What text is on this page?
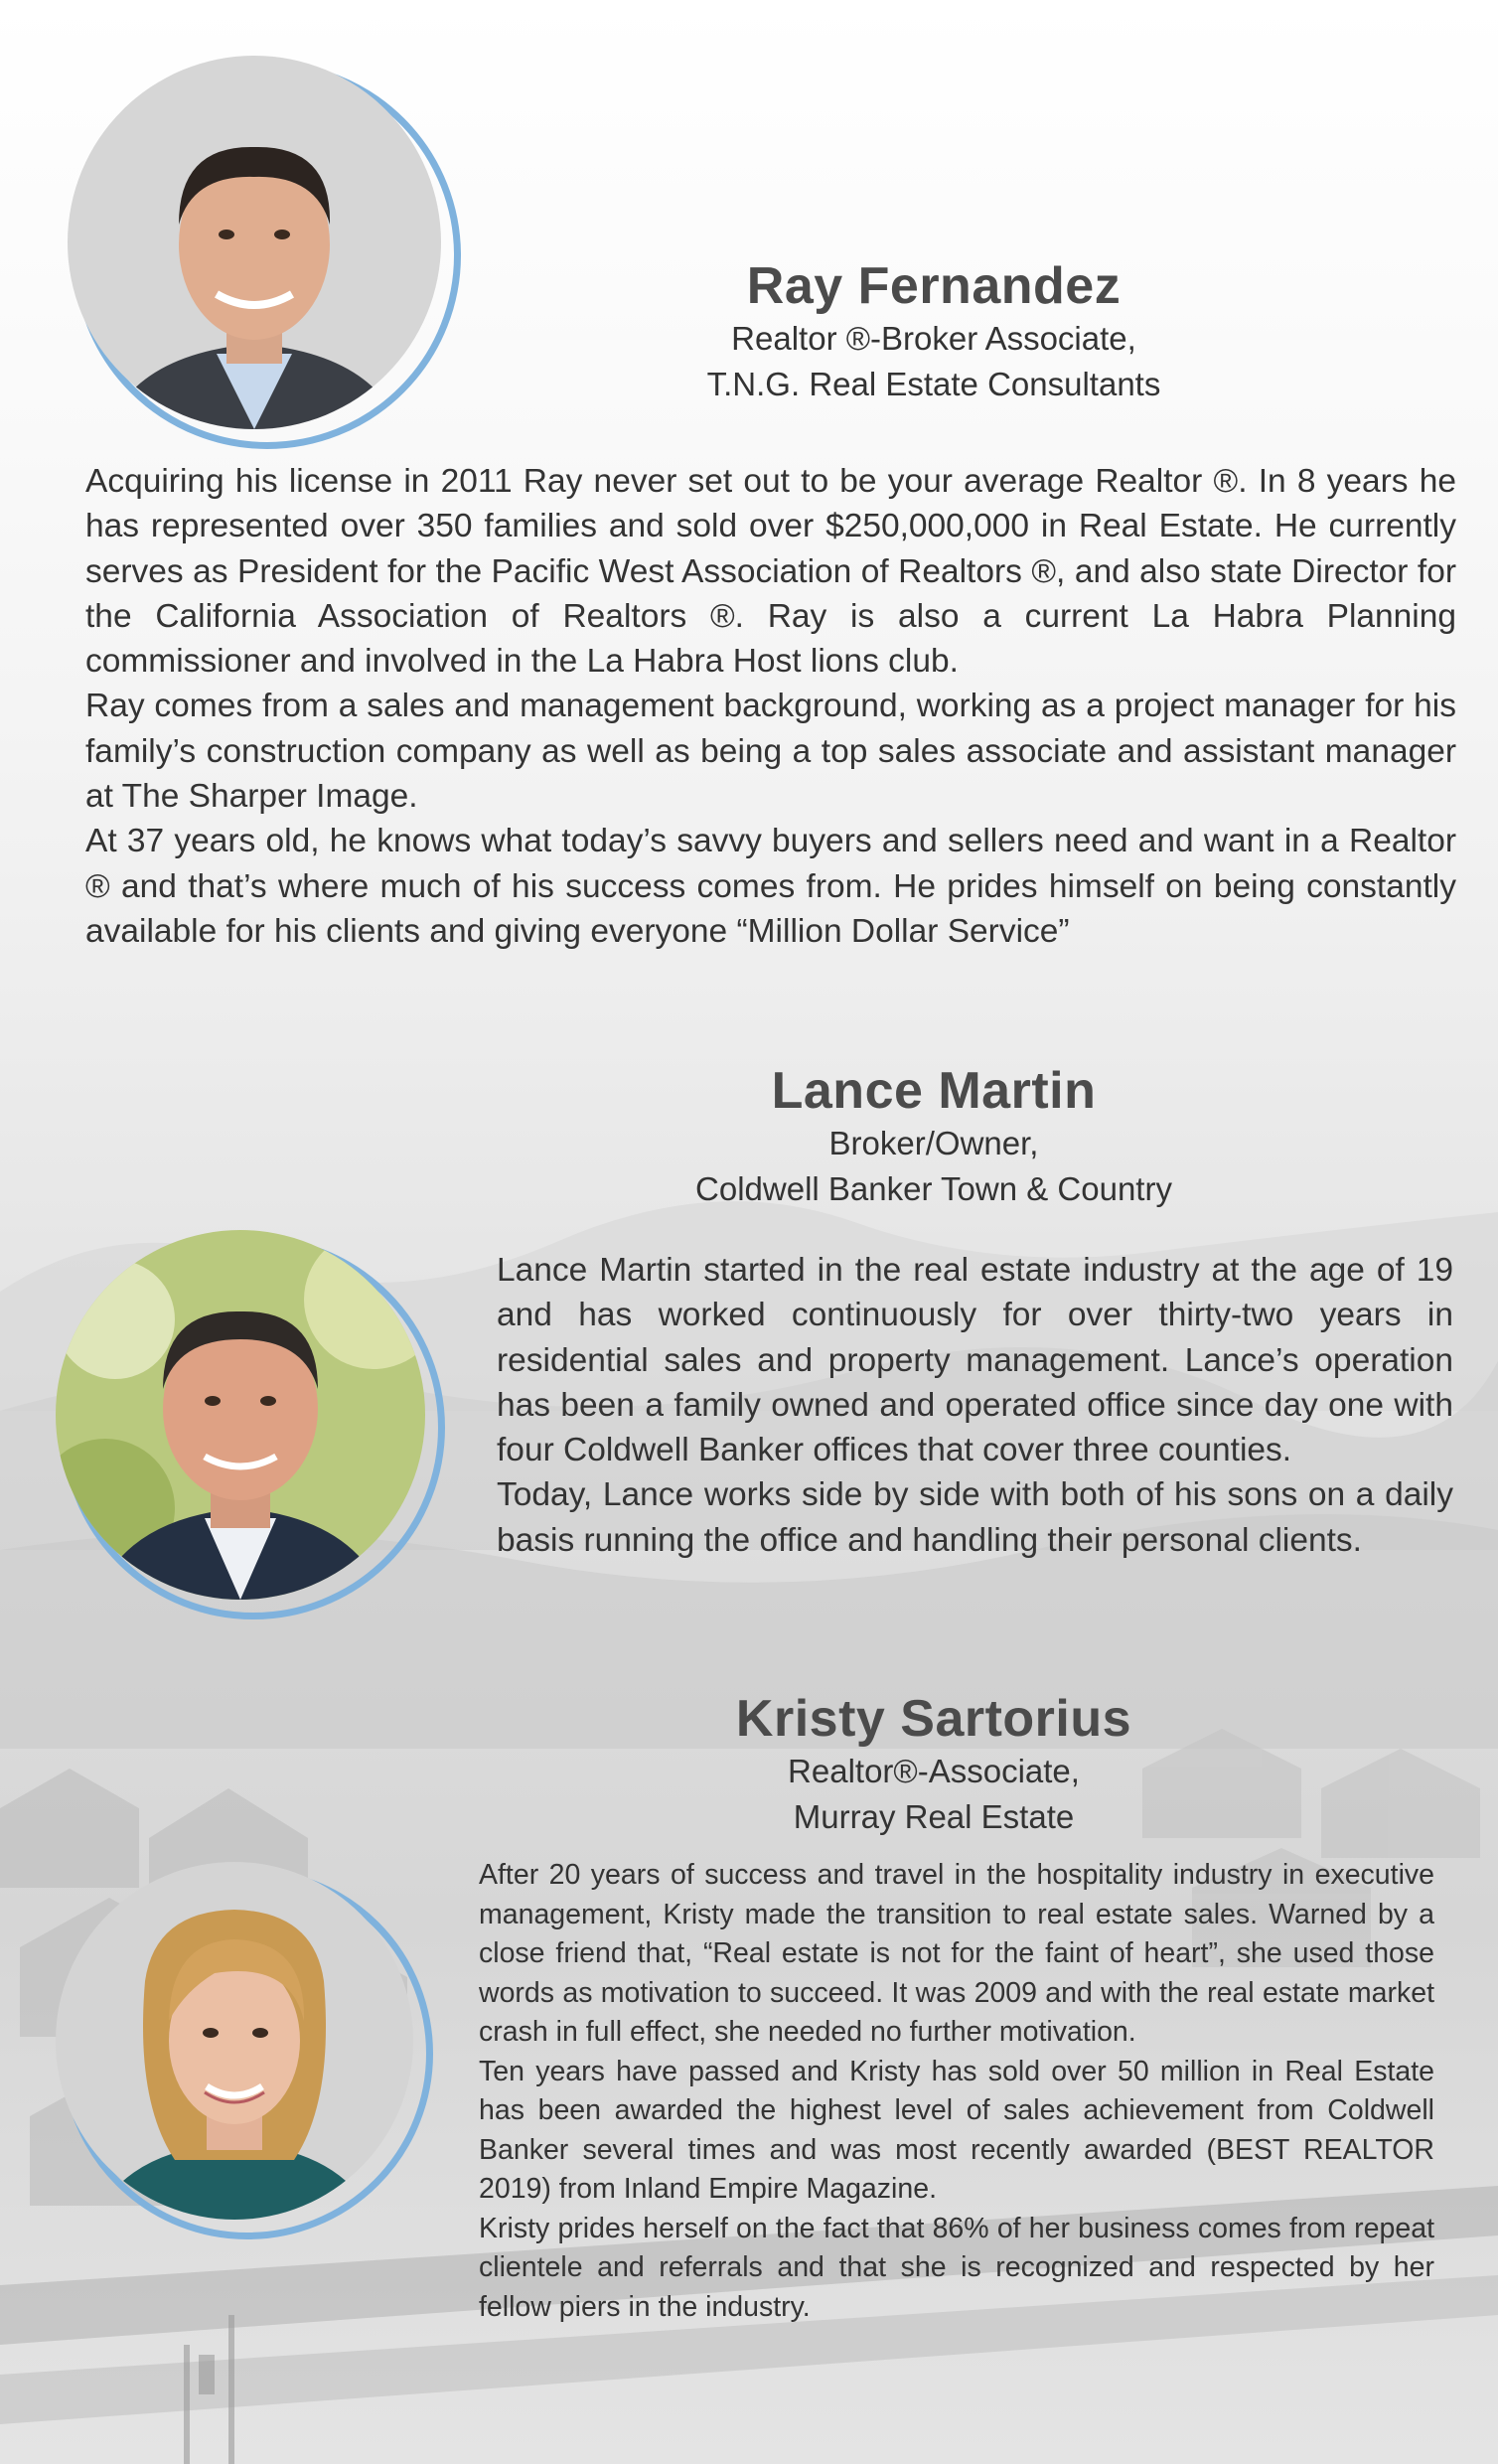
Ray Fernandez
Realtor ®-Broker Associate,
T.N.G. Real Estate Consultants

Acquiring his license in 2011 Ray never set out to be your average Realtor ®. In 8 years he has represented over 350 families and sold over $250,000,000 in Real Estate. He currently serves as President for the Pacific West Association of Realtors ®, and also state Director for the California Association of Realtors ®. Ray is also a current La Habra Planning commissioner and involved in the La Habra Host lions club.

Ray comes from a sales and management background, working as a project manager for his family’s construction company as well as being a top sales associate and assistant manager at The Sharper Image.

At 37 years old, he knows what today’s savvy buyers and sellers need and want in a Realtor ® and that’s where much of his success comes from. He prides himself on being constantly available for his clients and giving everyone “Million Dollar Service”

Lance Martin
Broker/Owner,
Coldwell Banker Town & Country

Lance Martin started in the real estate industry at the age of 19 and has worked continuously for over thirty-two years in residential sales and property management. Lance’s operation has been a family owned and operated office since day one with four Coldwell Banker offices that cover three counties.

Today, Lance works side by side with both of his sons on a daily basis running the office and handling their personal clients.

Kristy Sartorius
Realtor®-Associate,
Murray Real Estate

After 20 years of success and travel in the hospitality industry in executive management, Kristy made the transition to real estate sales. Warned by a close friend that, “Real estate is not for the faint of heart”, she used those words as motivation to succeed. It was 2009 and with the real estate market crash in full effect, she needed no further motivation.

Ten years have passed and Kristy has sold over 50 million in Real Estate has been awarded the highest level of sales achievement from Coldwell Banker several times and was most recently awarded (BEST REALTOR 2019) from Inland Empire Magazine.

Kristy prides herself on the fact that 86% of her business comes from repeat clientele and referrals and that she is recognized and respected by her fellow piers in the industry.
